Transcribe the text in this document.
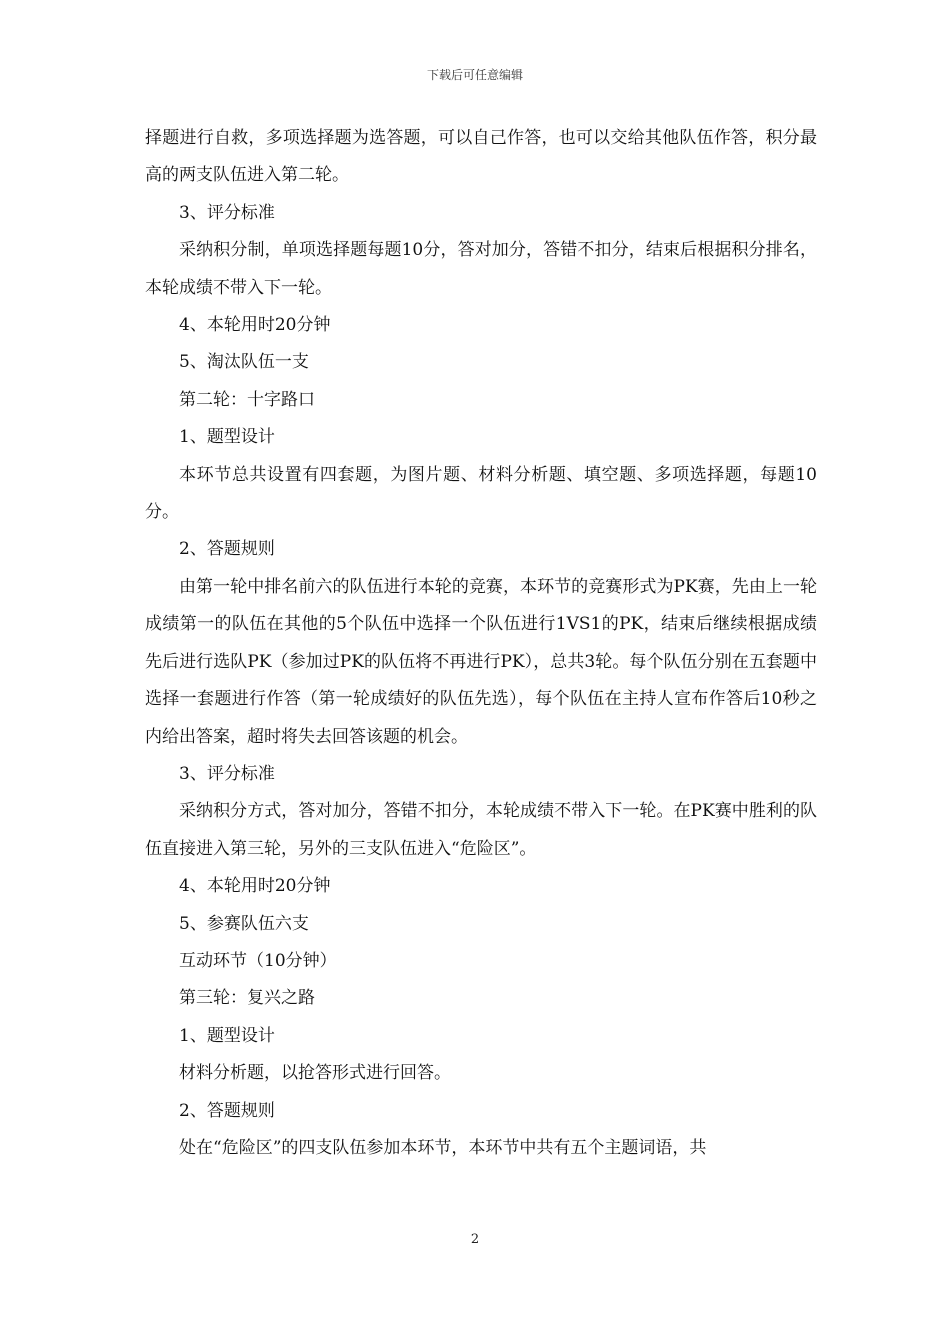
下载后可任意编辑

择题进行自救，多项选择题为选答题，可以自己作答，也可以交给其他队伍作答，积分最高的两支队伍进入第二轮。

3、评分标准

采纳积分制，单项选择题每题10分，答对加分，答错不扣分，结束后根据积分排名，本轮成绩不带入下一轮。

4、本轮用时20分钟

5、淘汰队伍一支

第二轮：十字路口

1、题型设计

本环节总共设置有四套题，为图片题、材料分析题、填空题、多项选择题，每题10分。

2、答题规则

由第一轮中排名前六的队伍进行本轮的竞赛，本环节的竞赛形式为PK赛，先由上一轮成绩第一的队伍在其他的5个队伍中选择一个队伍进行1VS1的PK，结束后继续根据成绩先后进行选队PK（参加过PK的队伍将不再进行PK），总共3轮。每个队伍分别在五套题中选择一套题进行作答（第一轮成绩好的队伍先选），每个队伍在主持人宣布作答后10秒之内给出答案，超时将失去回答该题的机会。

3、评分标准

采纳积分方式，答对加分，答错不扣分，本轮成绩不带入下一轮。在PK赛中胜利的队伍直接进入第三轮，另外的三支队伍进入“危险区”。

4、本轮用时20分钟

5、参赛队伍六支

互动环节（10分钟）

第三轮：复兴之路

1、题型设计

材料分析题，以抢答形式进行回答。

2、答题规则

处在“危险区”的四支队伍参加本环节，本环节中共有五个主题词语，共

2
